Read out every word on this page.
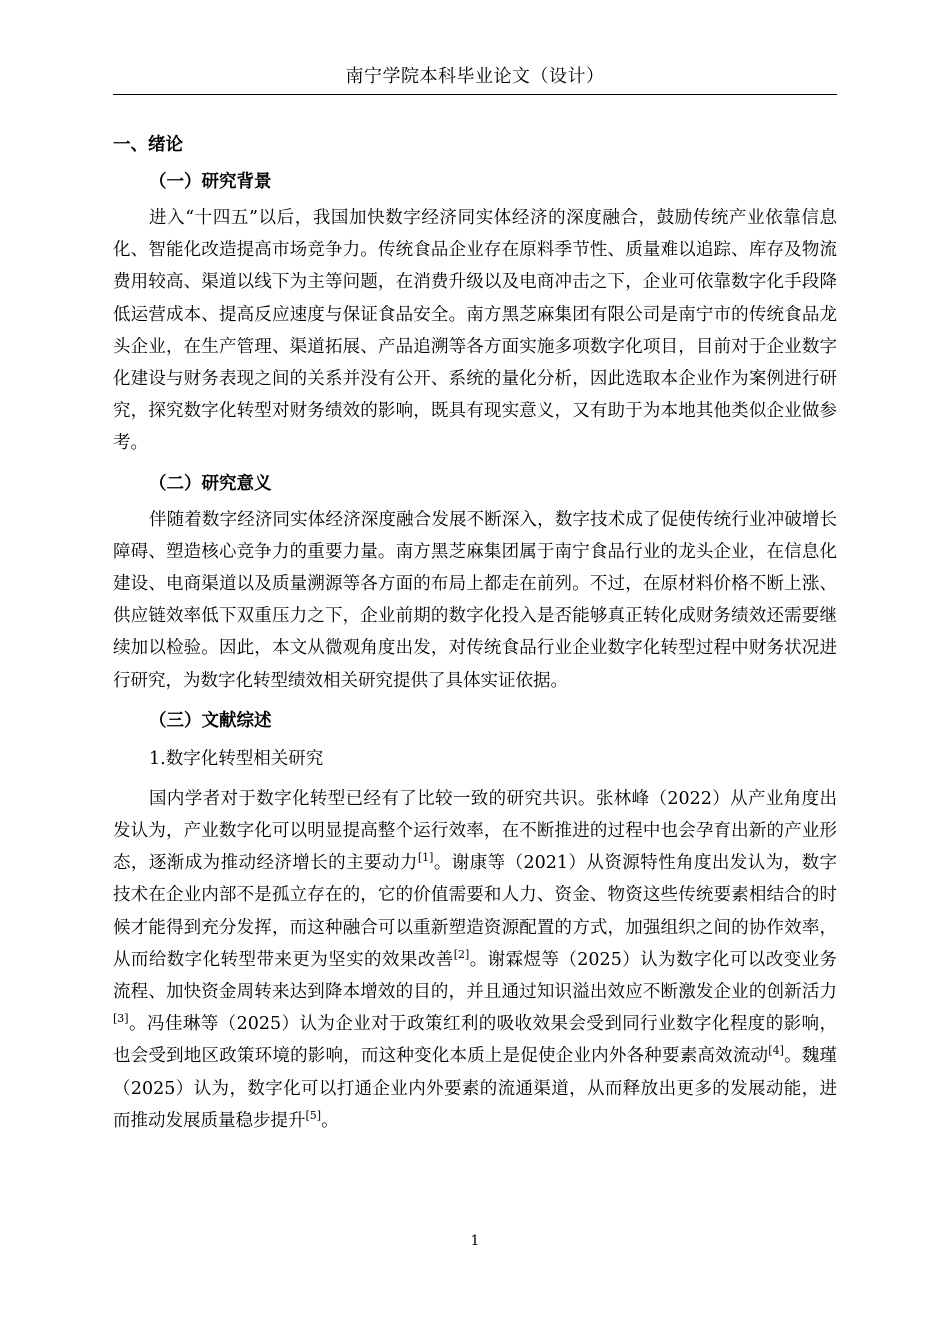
南宁学院本科毕业论文（设计）
一、绪论
（一）研究背景

进入“十四五”以后，我国加快数字经济同实体经济的深度融合，鼓励传统产业依靠信息化、智能化改造提高市场竞争力。传统食品企业存在原料季节性、质量难以追踪、库存及物流费用较高、渠道以线下为主等问题，在消费升级以及电商冲击之下，企业可依靠数字化手段降低运营成本、提高反应速度与保证食品安全。南方黑芝麻集团有限公司是南宁市的传统食品龙头企业，在生产管理、渠道拓展、产品追溯等各方面实施多项数字化项目，目前对于企业数字化建设与财务表现之间的关系并没有公开、系统的量化分析，因此选取本企业作为案例进行研究，探究数字化转型对财务绩效的影响，既具有现实意义，又有助于为本地其他类似企业做参考。

（二）研究意义

伴随着数字经济同实体经济深度融合发展不断深入，数字技术成了促使传统行业冲破增长障碍、塑造核心竞争力的重要力量。南方黑芝麻集团属于南宁食品行业的龙头企业，在信息化建设、电商渠道以及质量溯源等各方面的布局上都走在前列。不过，在原材料价格不断上涨、供应链效率低下双重压力之下，企业前期的数字化投入是否能够真正转化成财务绩效还需要继续加以检验。因此，本文从微观角度出发，对传统食品行业企业数字化转型过程中财务状况进行研究，为数字化转型绩效相关研究提供了具体实证依据。

（三）文献综述
1.数字化转型相关研究

国内学者对于数字化转型已经有了比较一致的研究共识。张林峰（2022）从产业角度出发认为，产业数字化可以明显提高整个运行效率，在不断推进的过程中也会孕育出新的产业形态，逐渐成为推动经济增长的主要动力[1]。谢康等（2021）从资源特性角度出发认为，数字技术在企业内部不是孤立存在的，它的价值需要和人力、资金、物资这些传统要素相结合的时候才能得到充分发挥，而这种融合可以重新塑造资源配置的方式，加强组织之间的协作效率，从而给数字化转型带来更为坚实的效果改善[2]。谢霖煜等（2025）认为数字化可以改变业务流程、加快资金周转来达到降本增效的目的，并且通过知识溢出效应不断激发企业的创新活力[3]。冯佳琳等（2025）认为企业对于政策红利的吸收效果会受到同行业数字化程度的影响，也会受到地区政策环境的影响，而这种变化本质上是促使企业内外各种要素高效流动[4]。魏瑾（2025）认为，数字化可以打通企业内外要素的流通渠道，从而释放出更多的发展动能，进而推动发展质量稳步提升[5]。

1
